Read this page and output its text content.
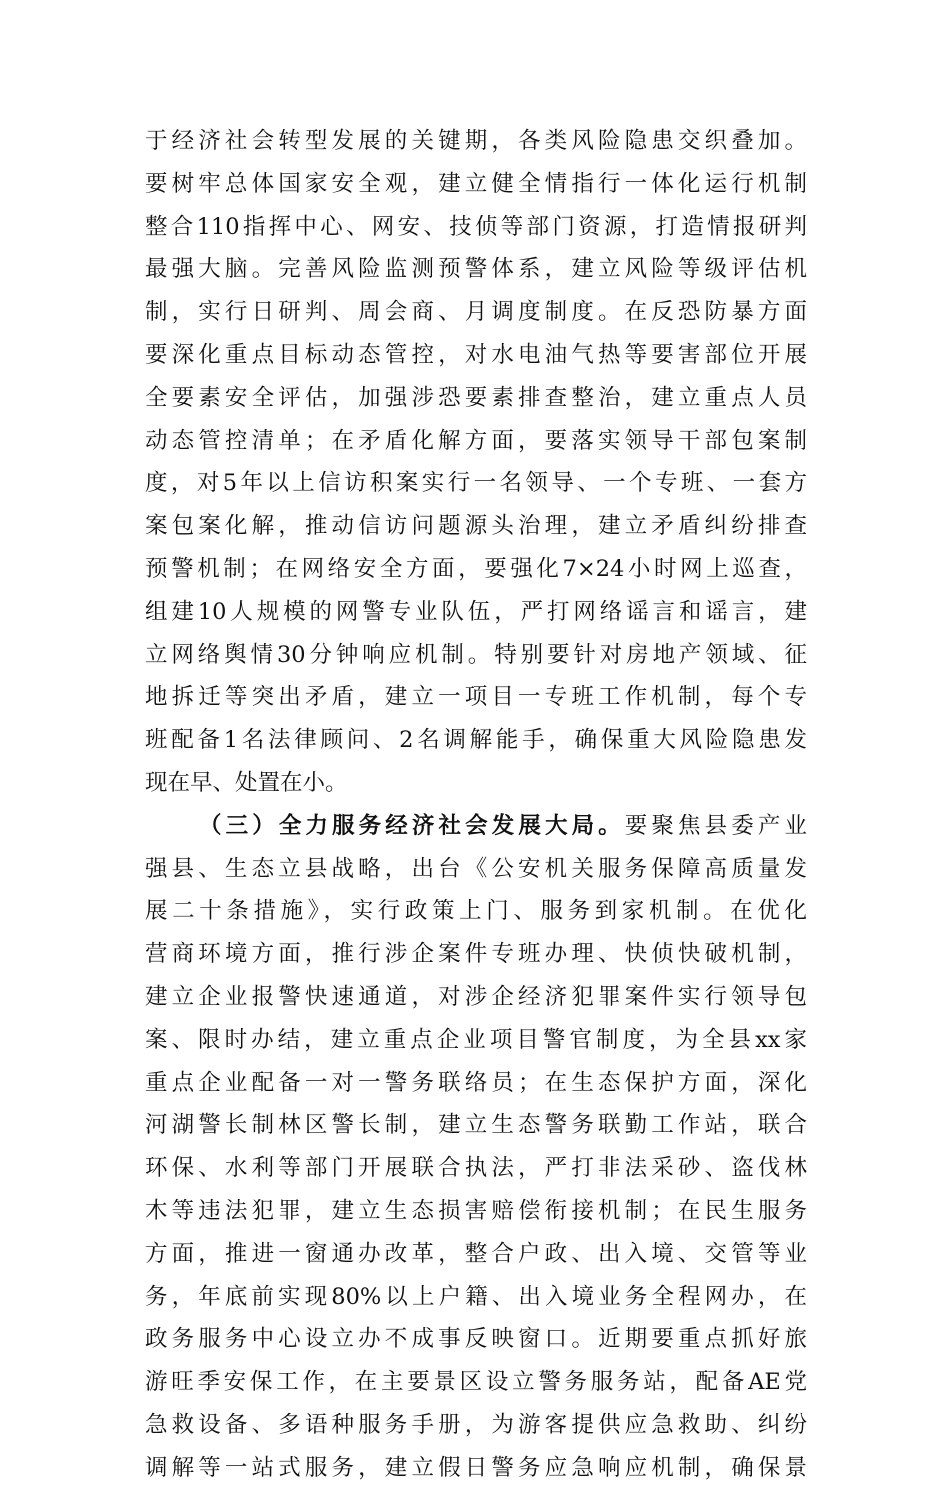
于经济社会转型发展的关键期，各类风险隐患交织叠加。
要树牢总体国家安全观，建立健全情指行一体化运行机制
整合110指挥中心、网安、技侦等部门资源，打造情报研判
最强大脑。完善风险监测预警体系，建立风险等级评估机
制，实行日研判、周会商、月调度制度。在反恐防暴方面
要深化重点目标动态管控，对水电油气热等要害部位开展
全要素安全评估，加强涉恐要素排查整治，建立重点人员
动态管控清单；在矛盾化解方面，要落实领导干部包案制
度，对5年以上信访积案实行一名领导、一个专班、一套方
案包案化解，推动信访问题源头治理，建立矛盾纠纷排查
预警机制；在网络安全方面，要强化7×24小时网上巡查，
组建10人规模的网警专业队伍，严打网络谣言和谣言，建
立网络舆情30分钟响应机制。特别要针对房地产领域、征
地拆迁等突出矛盾，建立一项目一专班工作机制，每个专
班配备1名法律顾问、2名调解能手，确保重大风险隐患发
现在早、处置在小。
（三）全力服务经济社会发展大局。要聚焦县委产业
强县、生态立县战略，出台《公安机关服务保障高质量发
展二十条措施》，实行政策上门、服务到家机制。在优化
营商环境方面，推行涉企案件专班办理、快侦快破机制，
建立企业报警快速通道，对涉企经济犯罪案件实行领导包
案、限时办结，建立重点企业项目警官制度，为全县xx家
重点企业配备一对一警务联络员；在生态保护方面，深化
河湖警长制林区警长制，建立生态警务联勤工作站，联合
环保、水利等部门开展联合执法，严打非法采砂、盗伐林
木等违法犯罪，建立生态损害赔偿衔接机制；在民生服务
方面，推进一窗通办改革，整合户政、出入境、交管等业
务，年底前实现80%以上户籍、出入境业务全程网办，在
政务服务中心设立办不成事反映窗口。近期要重点抓好旅
游旺季安保工作，在主要景区设立警务服务站，配备AE党
急救设备、多语种服务手册，为游客提供应急救助、纠纷
调解等一站式服务，建立假日警务应急响应机制，确保景
